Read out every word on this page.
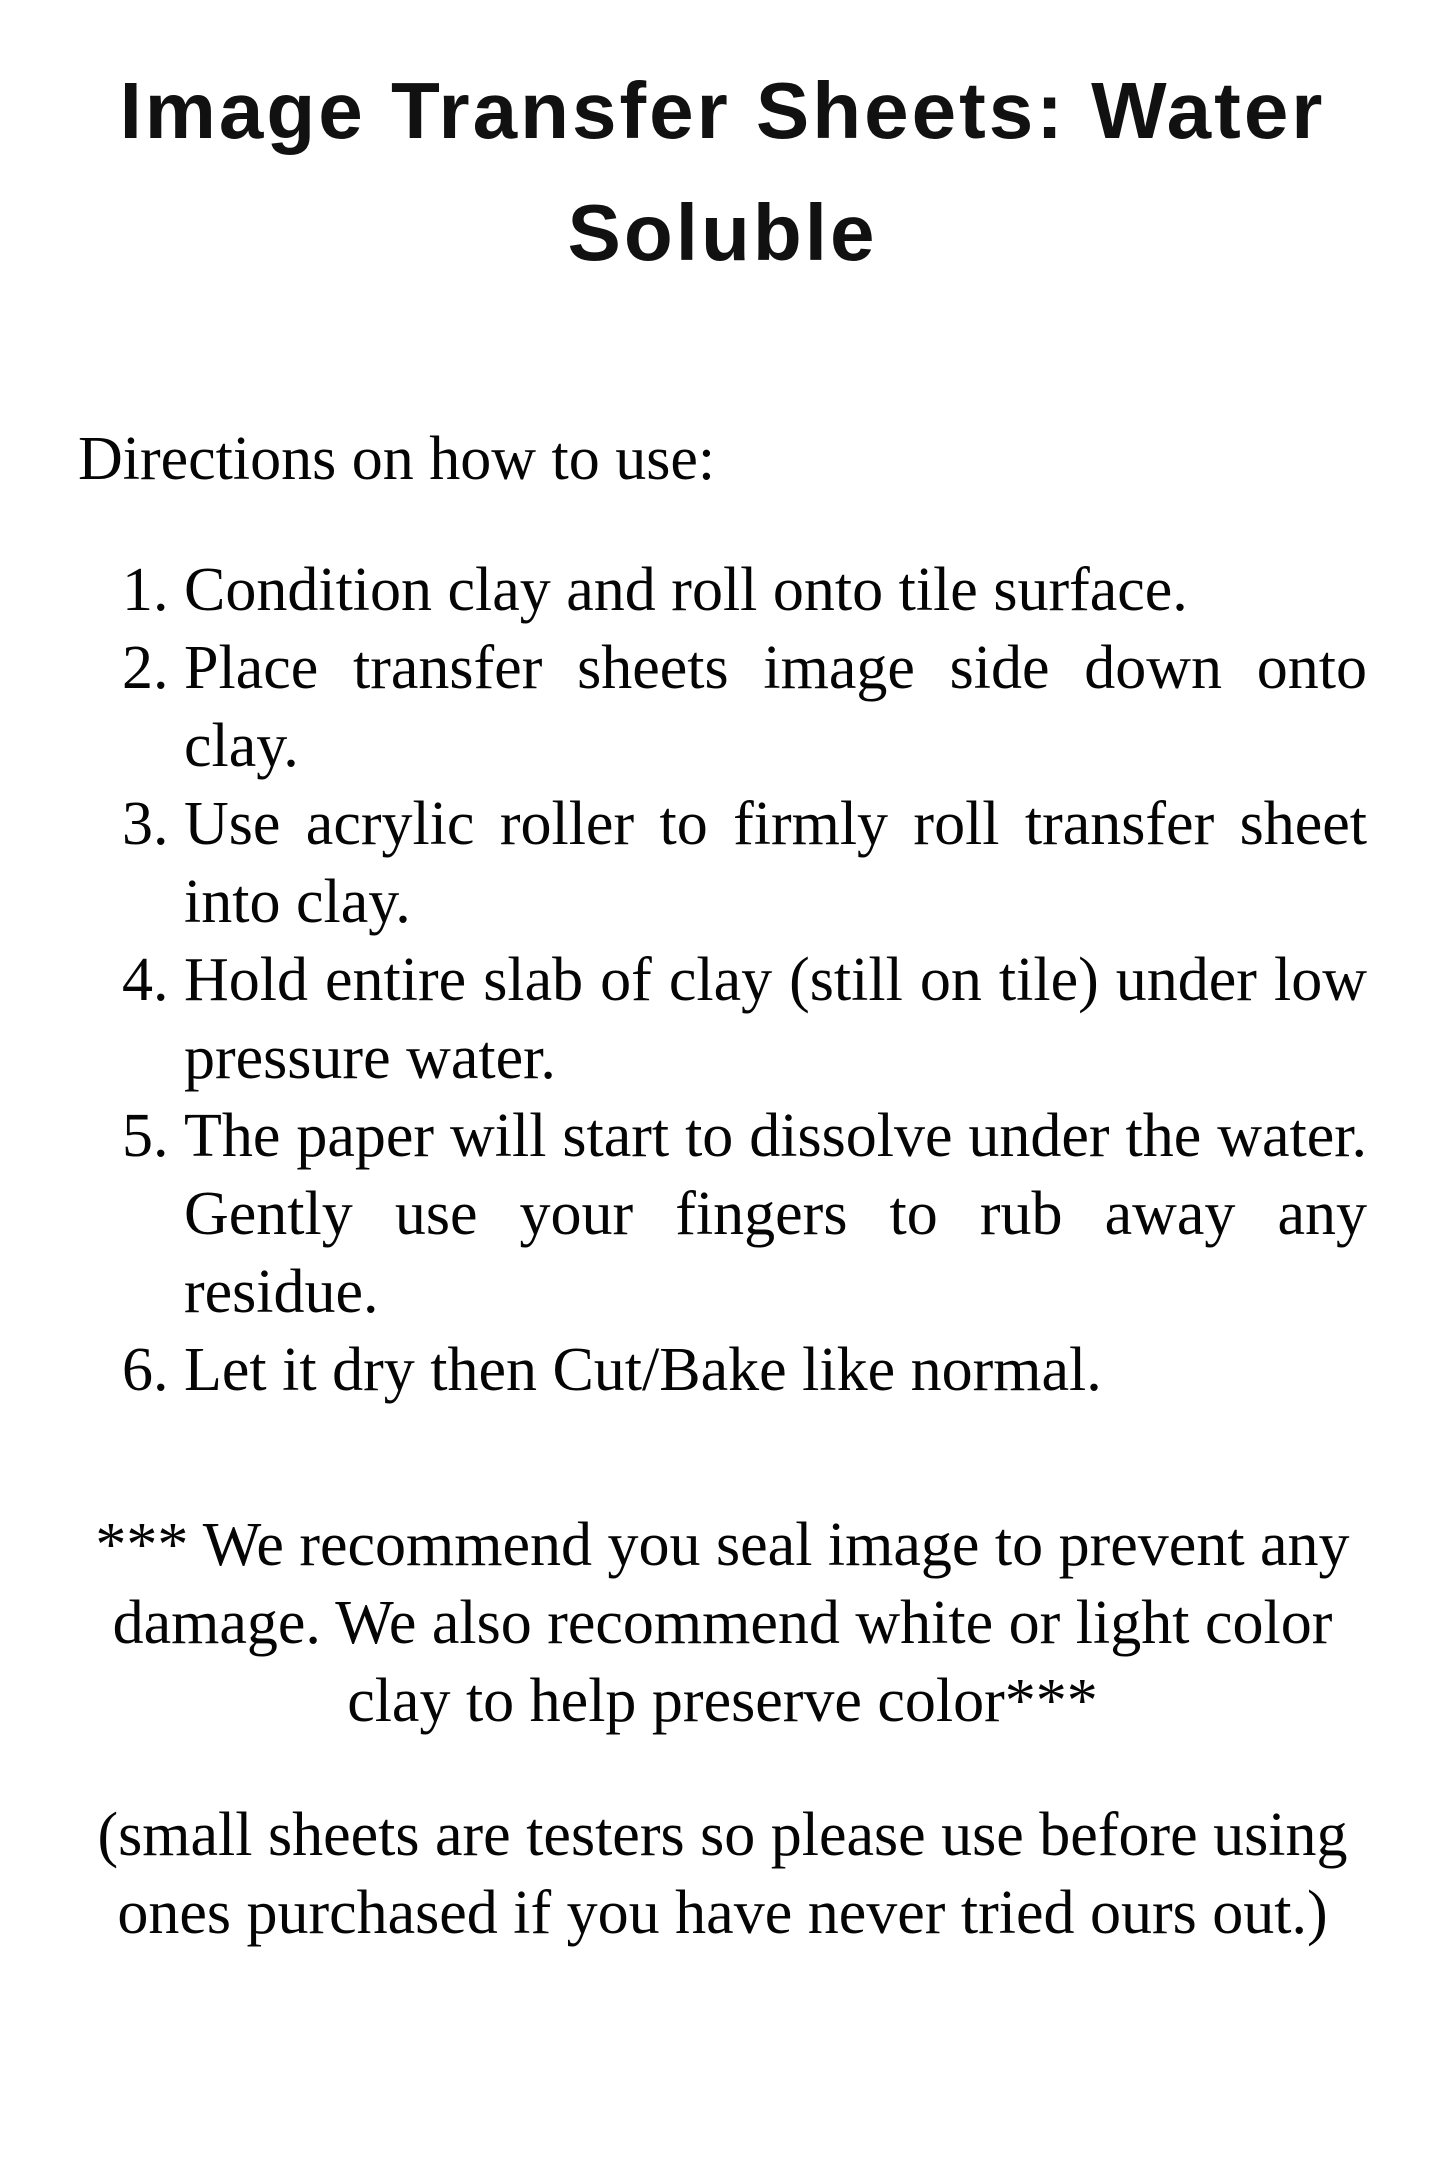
Image Transfer Sheets: Water Soluble

Directions on how to use:

1. Condition clay and roll onto tile surface.
2. Place transfer sheets image side down onto clay.
3. Use acrylic roller to firmly roll transfer sheet into clay.
4. Hold entire slab of clay (still on tile) under low pressure water.
5. The paper will start to dissolve under the water. Gently use your fingers to rub away any residue.
6. Let it dry then Cut/Bake like normal.

*** We recommend you seal image to prevent any damage. We also recommend white or light color clay to help preserve color***

(small sheets are testers so please use before using ones purchased if you have never tried ours out.)
